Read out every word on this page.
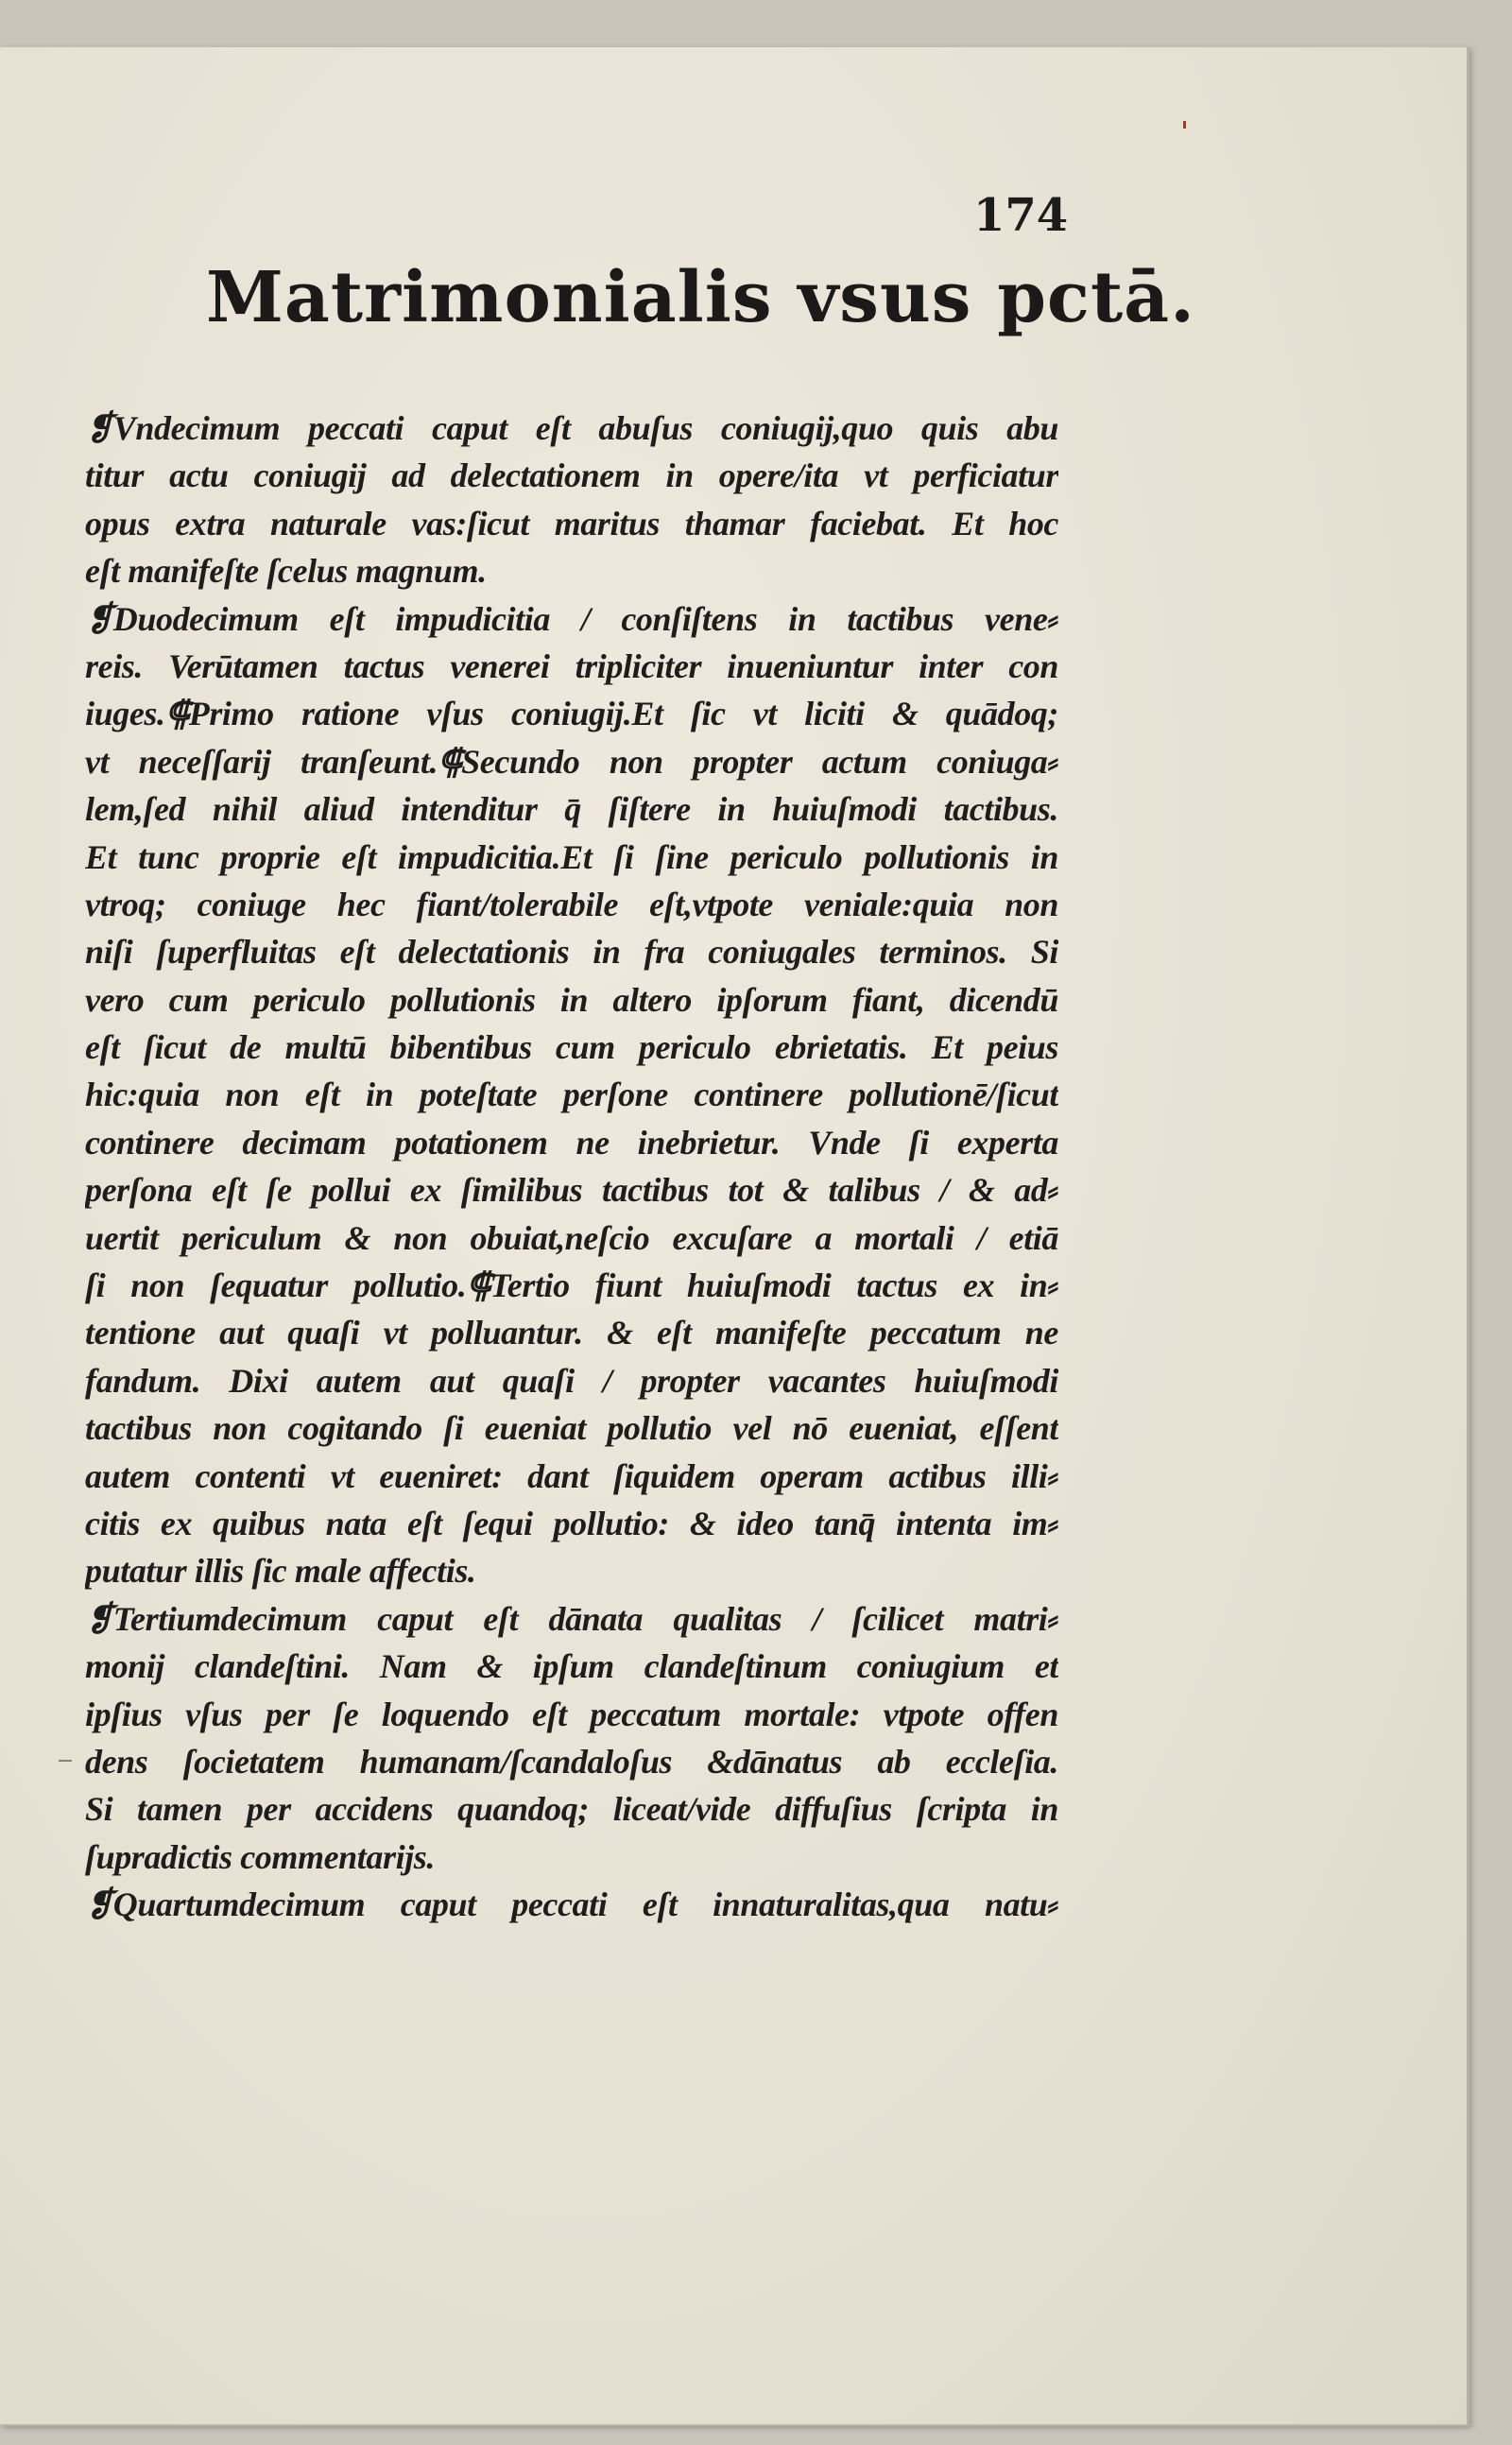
174

Matrimonialis vsus pctā.
❡Vndecimum peccati caput eſt abuſus coniugij,quo quis abu
titur actu coniugij ad delectationem in opere/ita vt perficiatur
opus extra naturale vas:ſicut maritus thamar faciebat. Et hoc
eſt manifeſte ſcelus magnum.
❡Duodecimum eſt impudicitia / conſiſtens in tactibus vene⸗
reis. Verūtamen tactus venerei tripliciter inueniuntur inter con
iuges.⸿Primo ratione vſus coniugij.Et ſic vt liciti & quādoq;
vt neceſſarij tranſeunt.⸿Secundo non propter actum coniuga⸗
lem,ſed nihil aliud intenditur q̄ ſiſtere in huiuſmodi tactibus.
Et tunc proprie eſt impudicitia.Et ſi ſine periculo pollutionis in
vtroq; coniuge hec fiant/tolerabile eſt,vtpote veniale:quia non
niſi ſuperfluitas eſt delectationis in fra coniugales terminos. Si
vero cum periculo pollutionis in altero ipſorum fiant, dicendū
eſt ſicut de multū bibentibus cum periculo ebrietatis. Et peius
hic:quia non eſt in poteſtate perſone continere pollutionē/ſicut
continere decimam potationem ne inebrietur. Vnde ſi experta
perſona eſt ſe pollui ex ſimilibus tactibus tot & talibus / & ad⸗
uertit periculum & non obuiat,neſcio excuſare a mortali / etiā
ſi non ſequatur pollutio.⸿Tertio fiunt huiuſmodi tactus ex in⸗
tentione aut quaſi vt polluantur. & eſt manifeſte peccatum ne
fandum. Dixi autem aut quaſi / propter vacantes huiuſmodi
tactibus non cogitando ſi eueniat pollutio vel nō eueniat, eſſent
autem contenti vt eueniret: dant ſiquidem operam actibus illi⸗
citis ex quibus nata eſt ſequi pollutio: & ideo tanq̄ intenta im⸗
putatur illis ſic male affectis.
❡Tertiumdecimum caput eſt dānata qualitas / ſcilicet matri⸗
monij clandeſtini. Nam & ipſum clandeſtinum coniugium et
ipſius vſus per ſe loquendo eſt peccatum mortale: vtpote offen
dens ſocietatem humanam/ſcandaloſus &dānatus ab eccleſia.
Si tamen per accidens quandoq; liceat/vide diffuſius ſcripta in
ſupradictis commentarijs.
❡Quartumdecimum caput peccati eſt innaturalitas,qua natu⸗
